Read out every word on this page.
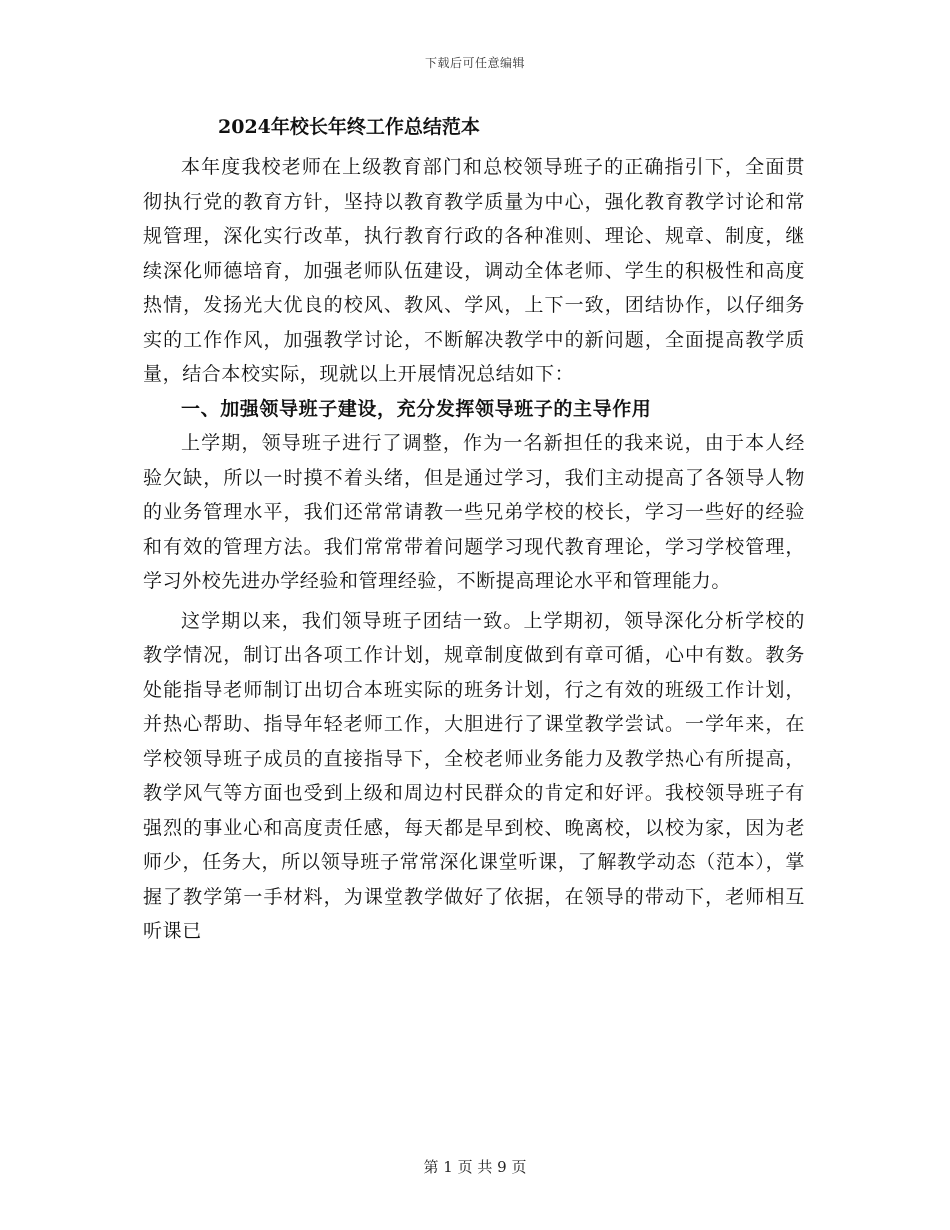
下载后可任意编辑
2024年校长年终工作总结范本

本年度我校老师在上级教育部门和总校领导班子的正确指引下，全面贯彻执行党的教育方针，坚持以教育教学质量为中心，强化教育教学讨论和常规管理，深化实行改革，执行教育行政的各种准则、理论、规章、制度，继续深化师德培育，加强老师队伍建设，调动全体老师、学生的积极性和高度热情，发扬光大优良的校风、教风、学风，上下一致，团结协作，以仔细务实的工作作风，加强教学讨论，不断解决教学中的新问题，全面提高教学质量，结合本校实际，现就以上开展情况总结如下：

一、加强领导班子建设，充分发挥领导班子的主导作用

上学期，领导班子进行了调整，作为一名新担任的我来说，由于本人经验欠缺，所以一时摸不着头绪，但是通过学习，我们主动提高了各领导人物的业务管理水平，我们还常常请教一些兄弟学校的校长，学习一些好的经验和有效的管理方法。我们常常带着问题学习现代教育理论，学习学校管理，学习外校先进办学经验和管理经验，不断提高理论水平和管理能力。

这学期以来，我们领导班子团结一致。上学期初，领导深化分析学校的教学情况，制订出各项工作计划，规章制度做到有章可循，心中有数。教务处能指导老师制订出切合本班实际的班务计划，行之有效的班级工作计划，并热心帮助、指导年轻老师工作，大胆进行了课堂教学尝试。一学年来，在学校领导班子成员的直接指导下，全校老师业务能力及教学热心有所提高，教学风气等方面也受到上级和周边村民群众的肯定和好评。我校领导班子有强烈的事业心和高度责任感，每天都是早到校、晚离校，以校为家，因为老师少，任务大，所以领导班子常常深化课堂听课，了解教学动态（范本），掌握了教学第一手材料，为课堂教学做好了依据，在领导的带动下，老师相互听课已

第 1 页 共 9 页
